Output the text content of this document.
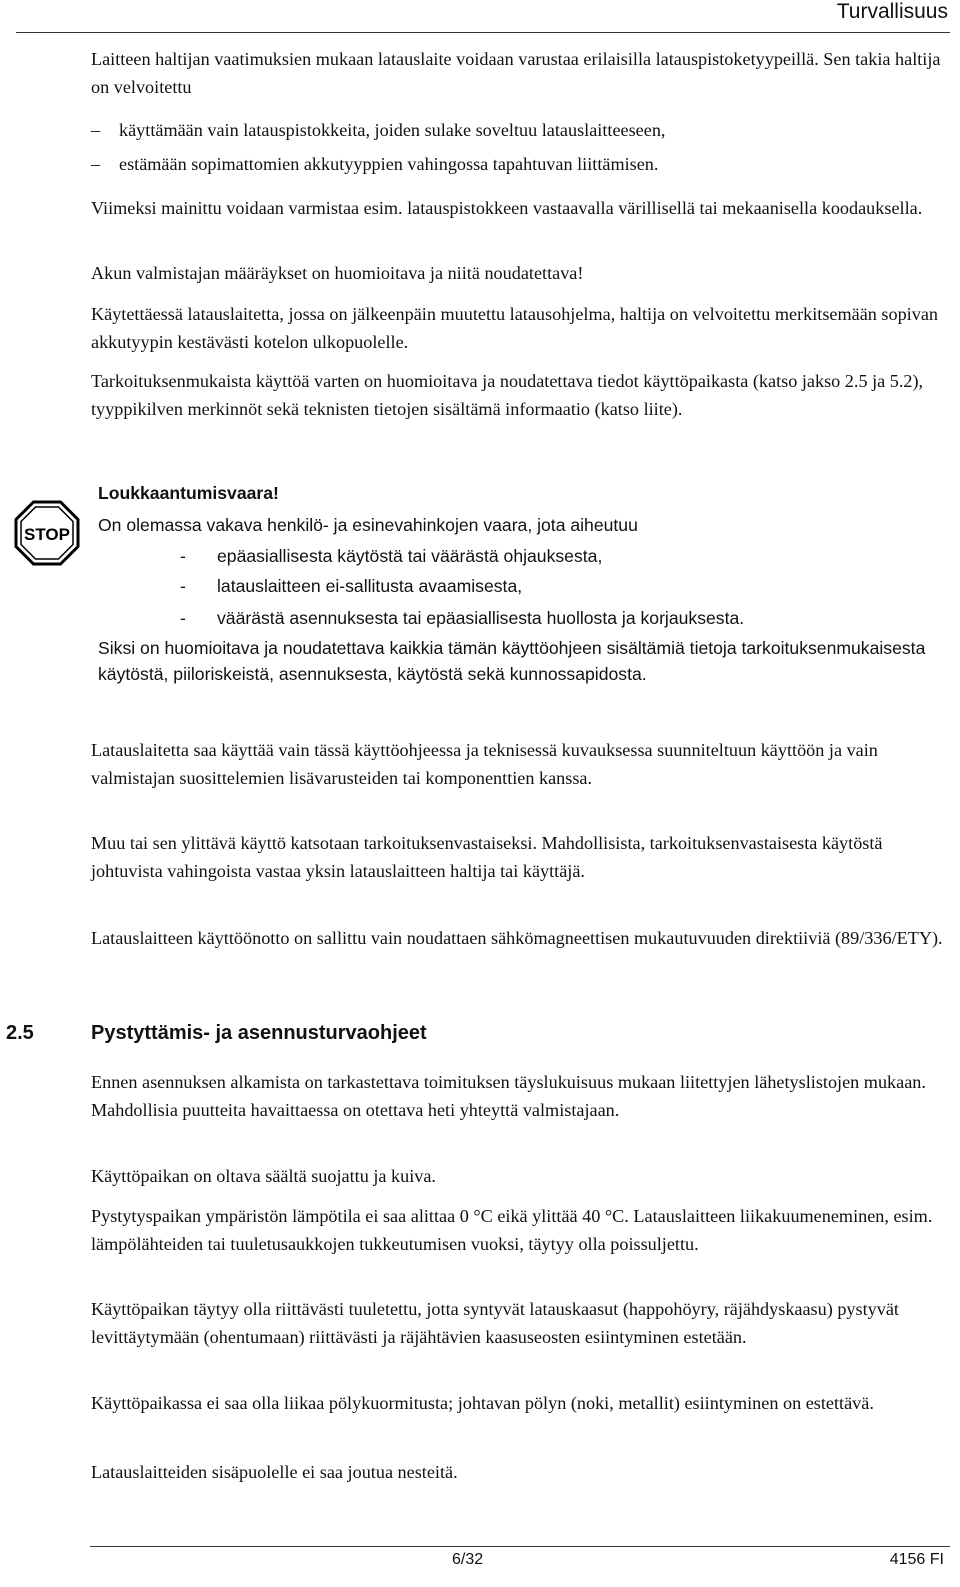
Turvallisuus

Laitteen haltijan vaatimuksien mukaan latauslaite voidaan varustaa erilaisilla latauspistoketyypeillä. Sen takia haltija on velvoitettu

– käyttämään vain latauspistokkeita, joiden sulake soveltuu latauslaitteeseen,
– estämään sopimattomien akkutyyppien vahingossa tapahtuvan liittämisen.

Viimeksi mainittu voidaan varmistaa esim. latauspistokkeen vastaavalla värillisellä tai mekaanisella koodauksella.

Akun valmistajan määräykset on huomioitava ja niitä noudatettava!

Käytettäessä latauslaitetta, jossa on jälkeenpäin muutettu latausohjelma, haltija on velvoitettu merkitsemään sopivan akkutyypin kestävästi kotelon ulkopuolelle.

Tarkoituksenmukaista käyttöä varten on huomioitava ja noudatettava tiedot käyttöpaikasta (katso jakso 2.5 ja 5.2), tyyppikilven merkinnöt sekä teknisten tietojen sisältämä informaatio (katso liite).

STOP
Loukkaantumisvaara!

On olemassa vakava henkilö- ja esinevahinkojen vaara, jota aiheutuu

- epäasiallisesta käytöstä tai väärästä ohjauksesta,
- latauslaitteen ei-sallitusta avaamisesta,
- väärästä asennuksesta tai epäasiallisesta huollosta ja korjauksesta.

Siksi on huomioitava ja noudatettava kaikkia tämän käyttöohjeen sisältämiä tietoja tarkoituksenmukaisesta käytöstä, piiloriskeistä, asennuksesta, käytöstä sekä kunnossapidosta.

Latauslaitetta saa käyttää vain tässä käyttöohjeessa ja teknisessä kuvauksessa suunniteltuun käyttöön ja vain valmistajan suosittelemien lisävarusteiden tai komponenttien kanssa.

Muu tai sen ylittävä käyttö katsotaan tarkoituksenvastaiseksi. Mahdollisista, tarkoituksenvastaisesta käytöstä johtuvista vahingoista vastaa yksin latauslaitteen haltija tai käyttäjä.

Latauslaitteen käyttöönotto on sallittu vain noudattaen sähkömagneettisen mukautuvuuden direktiiviä (89/336/ETY).

2.5	Pystyttämis- ja asennusturvaohjeet

Ennen asennuksen alkamista on tarkastettava toimituksen täyslukuisuus mukaan liitettyjen lähetyslistojen mukaan. Mahdollisia puutteita havaittaessa on otettava heti yhteyttä valmistajaan.

Käyttöpaikan on oltava säältä suojattu ja kuiva.

Pystytyspaikan ympäristön lämpötila ei saa alittaa 0 °C eikä ylittää 40 °C. Latauslaitteen liikakuumeneminen, esim. lämpölähteiden tai tuuletusaukkojen tukkeutumisen vuoksi, täytyy olla poissuljettu.

Käyttöpaikan täytyy olla riittävästi tuuletettu, jotta syntyvät latauskaasut (happohöyry, räjähdyskaasu) pystyvät levittäytymään (ohentumaan) riittävästi ja räjähtävien kaasuseosten esiintyminen estetään.

Käyttöpaikassa ei saa olla liikaa pölykuormitusta; johtavan pölyn (noki, metallit) esiintyminen on estettävä.

Latauslaitteiden sisäpuolelle ei saa joutua nesteitä.

6/32	4156 FI
